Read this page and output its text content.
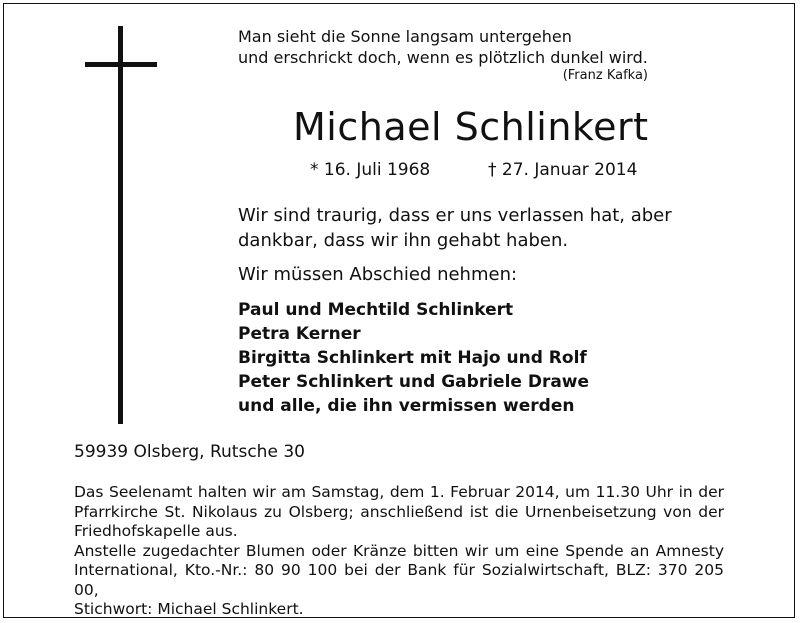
Man sieht die Sonne langsam untergehen
und erschrickt doch, wenn es plötzlich dunkel wird.
(Franz Kafka)
Michael Schlinkert
* 16. Juli 1968	† 27. Januar 2014
Wir sind traurig, dass er uns verlassen hat, aber
dankbar, dass wir ihn gehabt haben.
Wir müssen Abschied nehmen:
Paul und Mechtild Schlinkert
Petra Kerner
Birgitta Schlinkert mit Hajo und Rolf
Peter Schlinkert und Gabriele Drawe
und alle, die ihn vermissen werden
59939 Olsberg, Rutsche 30

Das Seelenamt halten wir am Samstag, dem 1. Februar 2014, um 11.30 Uhr in der

Pfarrkirche St. Nikolaus zu Olsberg; anschließend ist die Urnenbeisetzung von der

Friedhofskapelle aus.

Anstelle zugedachter Blumen oder Kränze bitten wir um eine Spende an Amnesty

International, Kto.-Nr.: 80 90 100 bei der Bank für Sozialwirtschaft, BLZ: 370 205 00,

Stichwort: Michael Schlinkert.
